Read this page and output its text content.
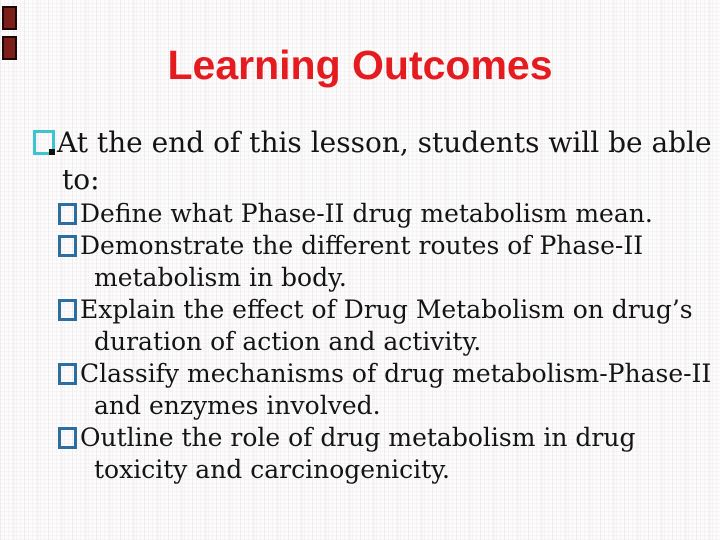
Learning Outcomes
At the end of this lesson, students will be able
to:
Define what Phase-II drug metabolism mean.
Demonstrate the different routes of Phase-II
metabolism in body.
Explain the effect of Drug Metabolism on drug’s
duration of action and activity.
Classify mechanisms of drug metabolism-Phase-II
and enzymes involved.
Outline the role of drug metabolism in drug
toxicity and carcinogenicity.
